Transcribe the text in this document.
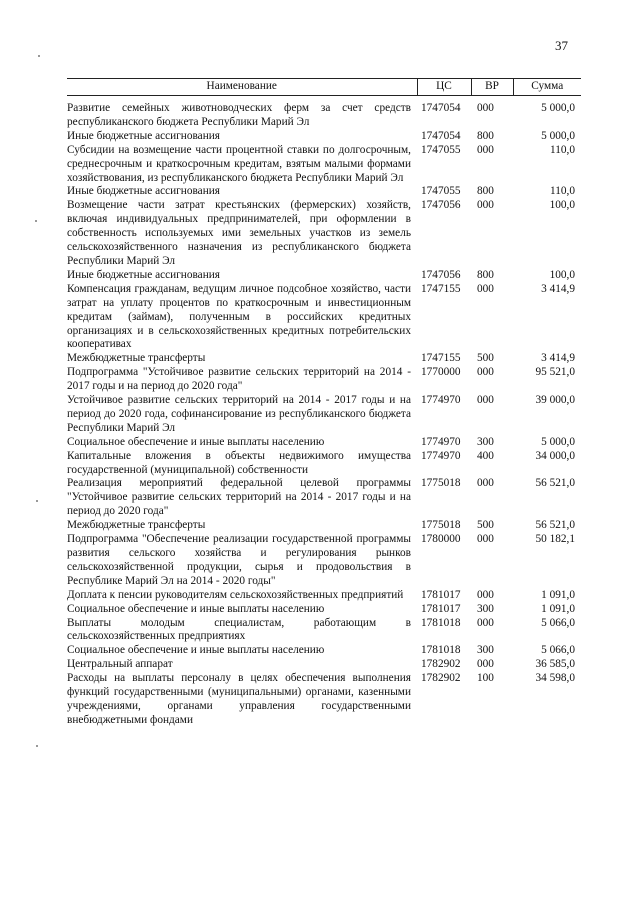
37
Наименование	ЦС	ВР	Сумма

Развитие семейных животноводческих ферм за счет средств республиканского бюджета Республики Марий Эл	1747054	000	5 000,0
Иные бюджетные ассигнования	1747054	800	5 000,0
Субсидии на возмещение части процентной ставки по долгосрочным, среднесрочным и краткосрочным кредитам, взятым малыми формами хозяйствования, из республиканского бюджета Республики Марий Эл	1747055	000	110,0
Иные бюджетные ассигнования	1747055	800	110,0
Возмещение части затрат крестьянских (фермерских) хозяйств, включая индивидуальных предпринимателей, при оформлении в собственность используемых ими земельных участков из земель сельскохозяйственного назначения из республиканского бюджета Республики Марий Эл	1747056	000	100,0
Иные бюджетные ассигнования	1747056	800	100,0
Компенсация гражданам, ведущим личное подсобное хозяйство, части затрат на уплату процентов по краткосрочным и инвестиционным кредитам (займам), полученным в российских кредитных организациях и в сельскохозяйственных кредитных потребительских кооперативах	1747155	000	3 414,9
Межбюджетные трансферты	1747155	500	3 414,9
Подпрограмма "Устойчивое развитие сельских территорий на 2014 - 2017 годы и на период до 2020 года"	1770000	000	95 521,0
Устойчивое развитие сельских территорий на 2014 - 2017 годы и на период до 2020 года, софинансирование из республиканского бюджета Республики Марий Эл	1774970	000	39 000,0
Социальное обеспечение и иные выплаты населению	1774970	300	5 000,0
Капитальные вложения в объекты недвижимого имущества государственной (муниципальной) собственности	1774970	400	34 000,0
Реализация мероприятий федеральной целевой программы "Устойчивое развитие сельских территорий на 2014 - 2017 годы и на период до 2020 года"	1775018	000	56 521,0
Межбюджетные трансферты	1775018	500	56 521,0
Подпрограмма "Обеспечение реализации государственной программы развития сельского хозяйства и регулирования рынков сельскохозяйственной продукции, сырья и продовольствия в Республике Марий Эл на 2014 - 2020 годы"	1780000	000	50 182,1
Доплата к пенсии руководителям сельскохозяйственных предприятий	1781017	000	1 091,0
Социальное обеспечение и иные выплаты населению	1781017	300	1 091,0
Выплаты молодым специалистам, работающим в сельскохозяйственных предприятиях	1781018	000	5 066,0
Социальное обеспечение и иные выплаты населению	1781018	300	5 066,0
Центральный аппарат	1782902	000	36 585,0
Расходы на выплаты персоналу в целях обеспечения выполнения функций государственными (муниципальными) органами, казенными учреждениями, органами управления государственными внебюджетными фондами	1782902	100	34 598,0
